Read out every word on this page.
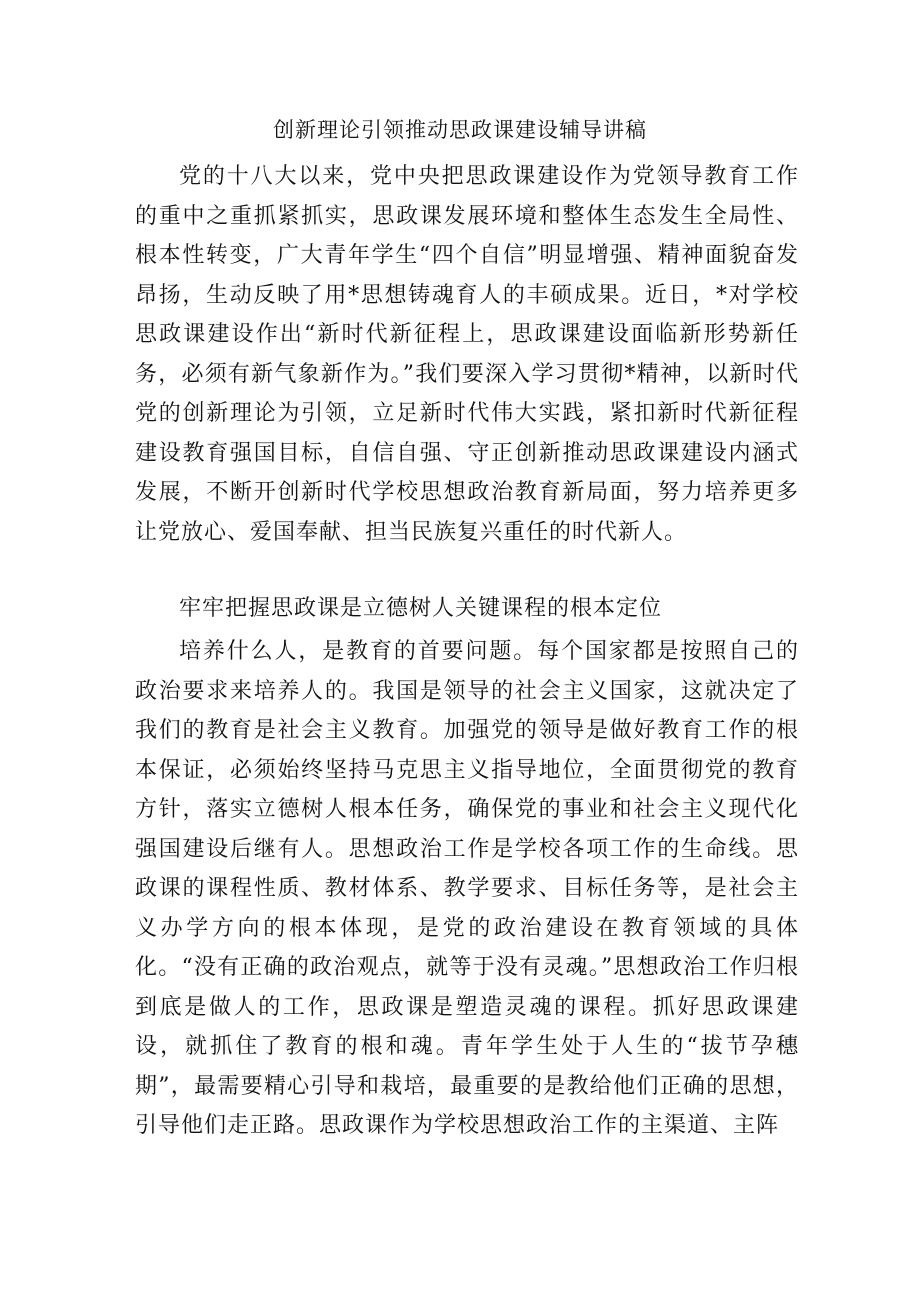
创新理论引领推动思政课建设辅导讲稿

党的十八大以来，党中央把思政课建设作为党领导教育工作的重中之重抓紧抓实，思政课发展环境和整体生态发生全局性、根本性转变，广大青年学生“四个自信”明显增强、精神面貌奋发昂扬，生动反映了用*思想铸魂育人的丰硕成果。近日，*对学校思政课建设作出“新时代新征程上，思政课建设面临新形势新任务，必须有新气象新作为。”我们要深入学习贯彻*精神，以新时代党的创新理论为引领，立足新时代伟大实践，紧扣新时代新征程建设教育强国目标，自信自强、守正创新推动思政课建设内涵式发展，不断开创新时代学校思想政治教育新局面，努力培养更多让党放心、爱国奉献、担当民族复兴重任的时代新人。

牢牢把握思政课是立德树人关键课程的根本定位

培养什么人，是教育的首要问题。每个国家都是按照自己的政治要求来培养人的。我国是领导的社会主义国家，这就决定了我们的教育是社会主义教育。加强党的领导是做好教育工作的根本保证，必须始终坚持马克思主义指导地位，全面贯彻党的教育方针，落实立德树人根本任务，确保党的事业和社会主义现代化强国建设后继有人。思想政治工作是学校各项工作的生命线。思政课的课程性质、教材体系、教学要求、目标任务等，是社会主义办学方向的根本体现，是党的政治建设在教育领域的具体化。“没有正确的政治观点，就等于没有灵魂。”思想政治工作归根到底是做人的工作，思政课是塑造灵魂的课程。抓好思政课建设，就抓住了教育的根和魂。青年学生处于人生的“拔节孕穗期”，最需要精心引导和栽培，最重要的是教给他们正确的思想，引导他们走正路。思政课作为学校思想政治工作的主渠道、主阵
